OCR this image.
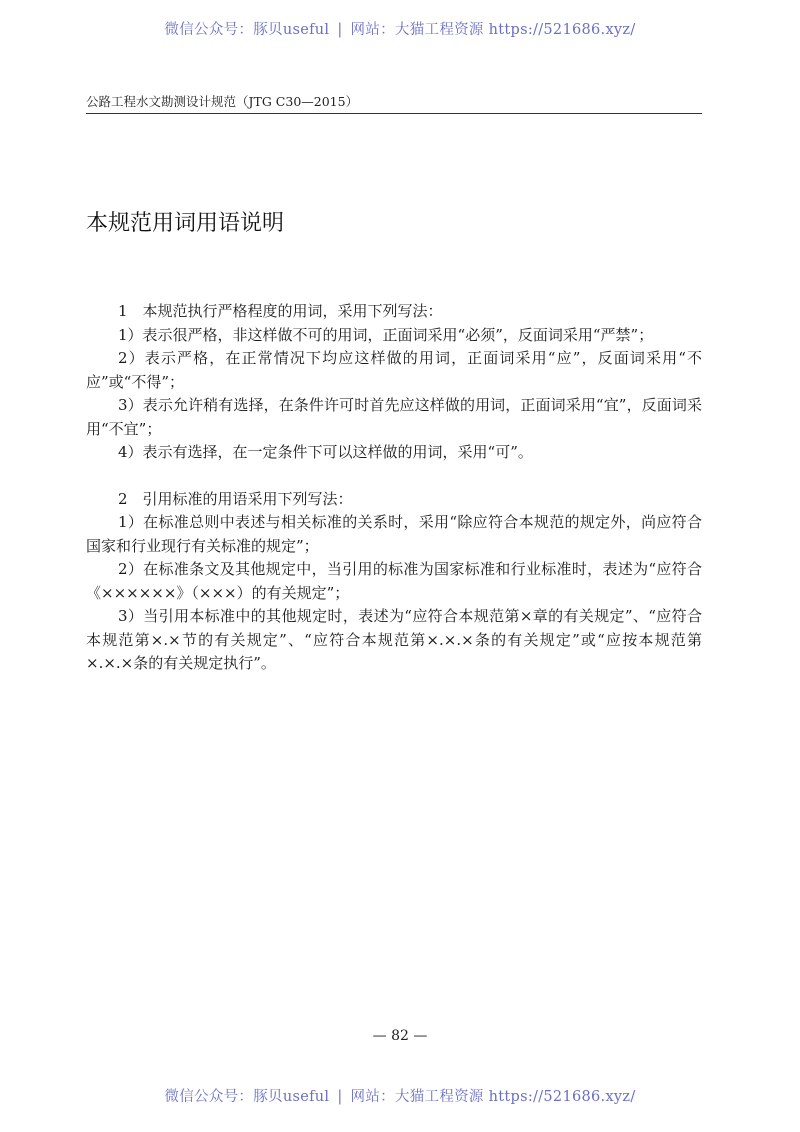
微信公众号：豚贝useful | 网站：大猫工程资源 https://521686.xyz/
公路工程水文勘测设计规范（JTG C30—2015）
本规范用词用语说明

1　本规范执行严格程度的用词，采用下列写法：

1）表示很严格，非这样做不可的用词，正面词采用“必须”，反面词采用“严禁”；

2）表示严格，在正常情况下均应这样做的用词，正面词采用“应”，反面词采用“不应”或“不得”；

3）表示允许稍有选择，在条件许可时首先应这样做的用词，正面词采用“宜”，反面词采用“不宜”；

4）表示有选择，在一定条件下可以这样做的用词，采用“可”。

2　引用标准的用语采用下列写法：

1）在标准总则中表述与相关标准的关系时，采用“除应符合本规范的规定外，尚应符合国家和行业现行有关标准的规定”；

2）在标准条文及其他规定中，当引用的标准为国家标准和行业标准时，表述为“应符合《××××××》（×××）的有关规定”；

3）当引用本标准中的其他规定时，表述为“应符合本规范第×章的有关规定”、“应符合本规范第×.×节的有关规定”、“应符合本规范第×.×.×条的有关规定”或“应按本规范第×.×.×条的有关规定执行”。

— 82 —
微信公众号：豚贝useful | 网站：大猫工程资源 https://521686.xyz/
